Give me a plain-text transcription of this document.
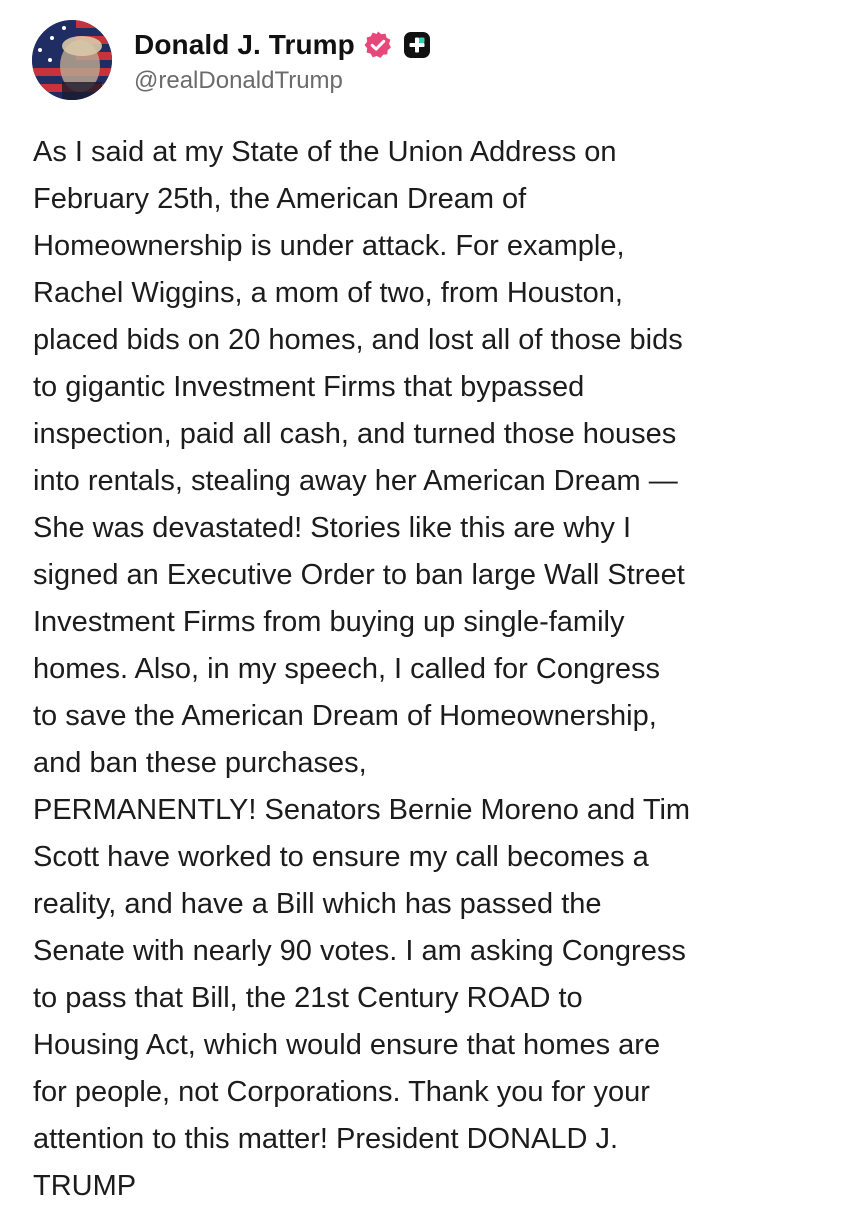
Donald J. Trump
@realDonaldTrump

As I said at my State of the Union Address on
February 25th, the American Dream of
Homeownership is under attack. For example,
Rachel Wiggins, a mom of two, from Houston,
placed bids on 20 homes, and lost all of those bids
to gigantic Investment Firms that bypassed
inspection, paid all cash, and turned those houses
into rentals, stealing away her American Dream —
She was devastated! Stories like this are why I
signed an Executive Order to ban large Wall Street
Investment Firms from buying up single-family
homes. Also, in my speech, I called for Congress
to save the American Dream of Homeownership,
and ban these purchases,
PERMANENTLY! Senators Bernie Moreno and Tim
Scott have worked to ensure my call becomes a
reality, and have a Bill which has passed the
Senate with nearly 90 votes. I am asking Congress
to pass that Bill, the 21st Century ROAD to
Housing Act, which would ensure that homes are
for people, not Corporations. Thank you for your
attention to this matter! President DONALD J.
TRUMP
